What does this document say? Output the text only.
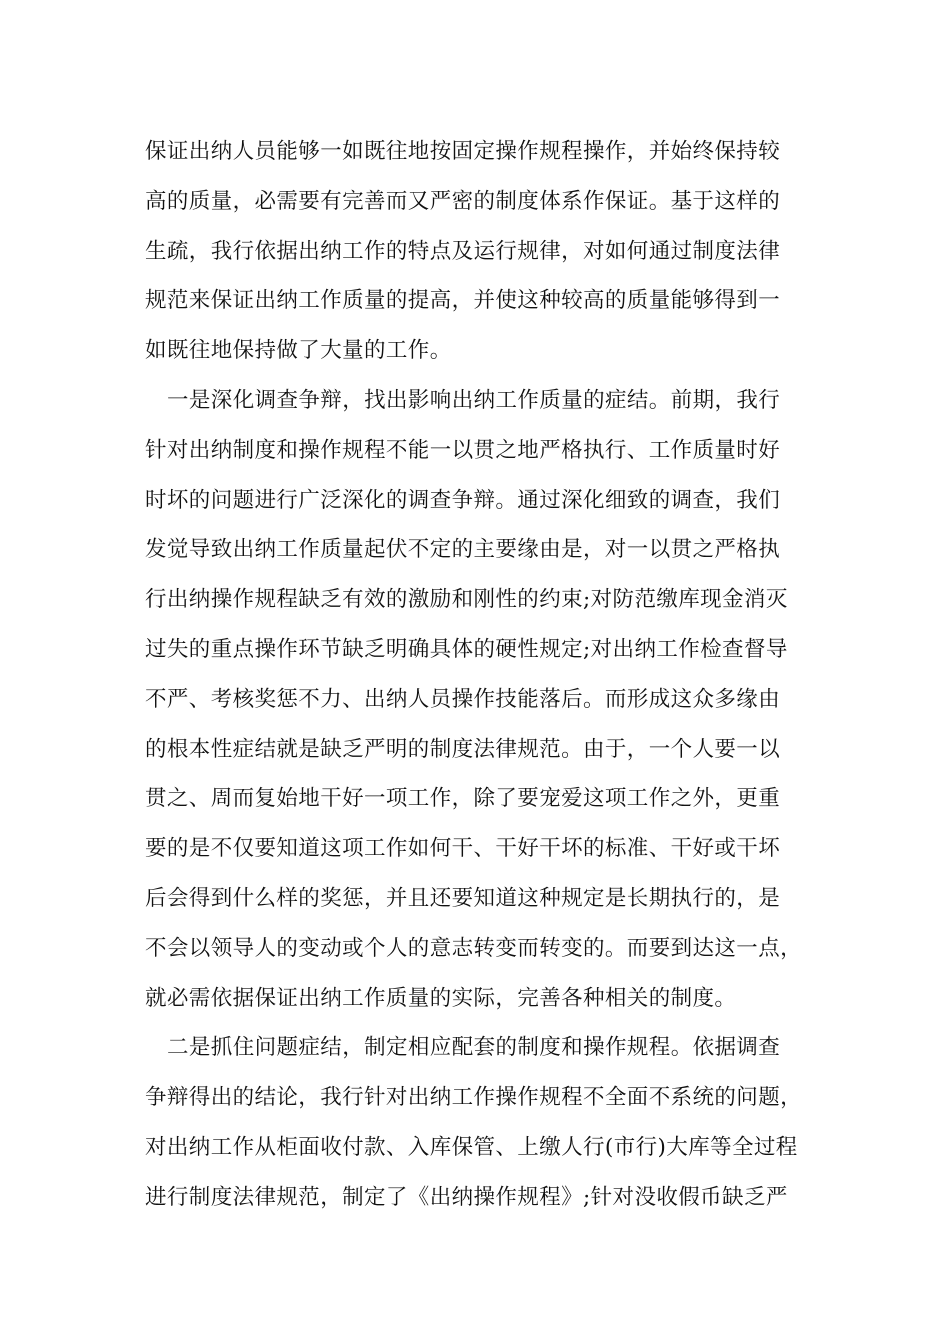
保证出纳人员能够一如既往地按固定操作规程操作，并始终保持较
高的质量，必需要有完善而又严密的制度体系作保证。基于这样的
生疏，我行依据出纳工作的特点及运行规律，对如何通过制度法律
规范来保证出纳工作质量的提高，并使这种较高的质量能够得到一
如既往地保持做了大量的工作。
一是深化调查争辩，找出影响出纳工作质量的症结。前期，我行
针对出纳制度和操作规程不能一以贯之地严格执行、工作质量时好
时坏的问题进行广泛深化的调查争辩。通过深化细致的调查，我们
发觉导致出纳工作质量起伏不定的主要缘由是，对一以贯之严格执
行出纳操作规程缺乏有效的激励和刚性的约束;对防范缴库现金消灭
过失的重点操作环节缺乏明确具体的硬性规定;对出纳工作检查督导
不严、考核奖惩不力、出纳人员操作技能落后。而形成这众多缘由
的根本性症结就是缺乏严明的制度法律规范。由于，一个人要一以
贯之、周而复始地干好一项工作，除了要宠爱这项工作之外，更重
要的是不仅要知道这项工作如何干、干好干坏的标准、干好或干坏
后会得到什么样的奖惩，并且还要知道这种规定是长期执行的，是
不会以领导人的变动或个人的意志转变而转变的。而要到达这一点，
就必需依据保证出纳工作质量的实际，完善各种相关的制度。
二是抓住问题症结，制定相应配套的制度和操作规程。依据调查
争辩得出的结论，我行针对出纳工作操作规程不全面不系统的问题，
对出纳工作从柜面收付款、入库保管、上缴人行(市行)大库等全过程
进行制度法律规范，制定了《出纳操作规程》;针对没收假币缺乏严
